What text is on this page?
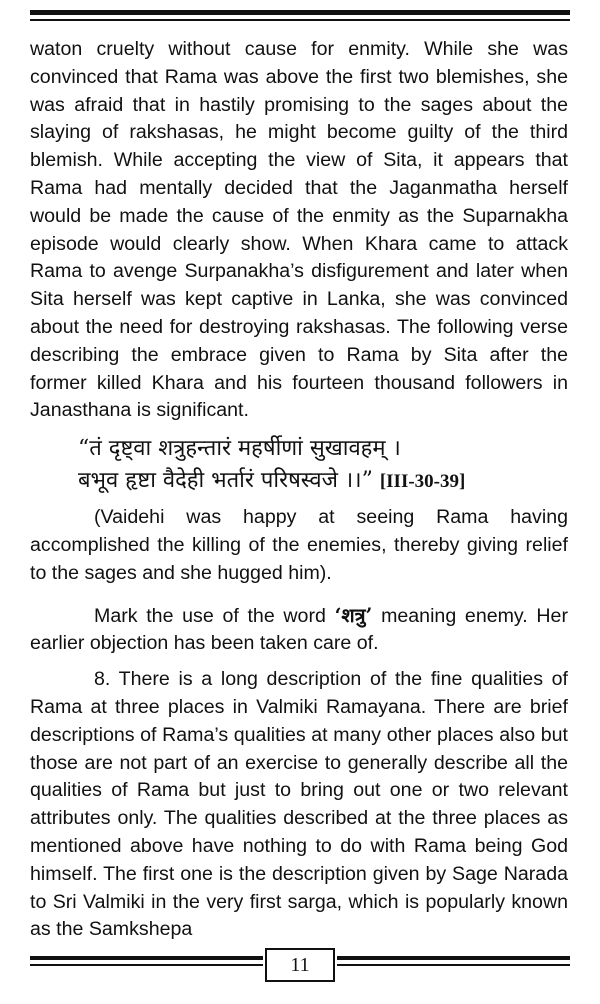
waton cruelty without cause for enmity. While she was convinced that Rama was above the first two blemishes, she was afraid that in hastily promising to the sages about the slaying of rakshasas, he might become guilty of the third blemish. While accepting the view of Sita, it appears that Rama had mentally decided that the Jaganmatha herself would be made the cause of the enmity as the Suparnakha episode would clearly show. When Khara came to attack Rama to avenge Surpanakha’s disfigurement and later when Sita herself was kept captive in Lanka, she was convinced about the need for destroying rakshasas. The following verse describing the embrace given to Rama by Sita after the former killed Khara and his fourteen thousand followers in Janasthana is significant.

“तं दृष्ट्वा शत्रुहन्तारं महर्षीणां सुखावहम् ।
बभूव हृष्टा वैदेही भर्तारं परिषस्वजे ।।” [III-30-39]

(Vaidehi was happy at seeing Rama having accomplished the killing of the enemies, thereby giving relief to the sages and she hugged him).

Mark the use of the word ‘शत्रु’ meaning enemy. Her earlier objection has been taken care of.

8. There is a long description of the fine qualities of Rama at three places in Valmiki Ramayana. There are brief descriptions of Rama’s qualities at many other places also but those are not part of an exercise to generally describe all the qualities of Rama but just to bring out one or two relevant attributes only. The qualities described at the three places as mentioned above have nothing to do with Rama being God himself. The first one is the description given by Sage Narada to Sri Valmiki in the very first sarga, which is popularly known as the Samkshepa

11
